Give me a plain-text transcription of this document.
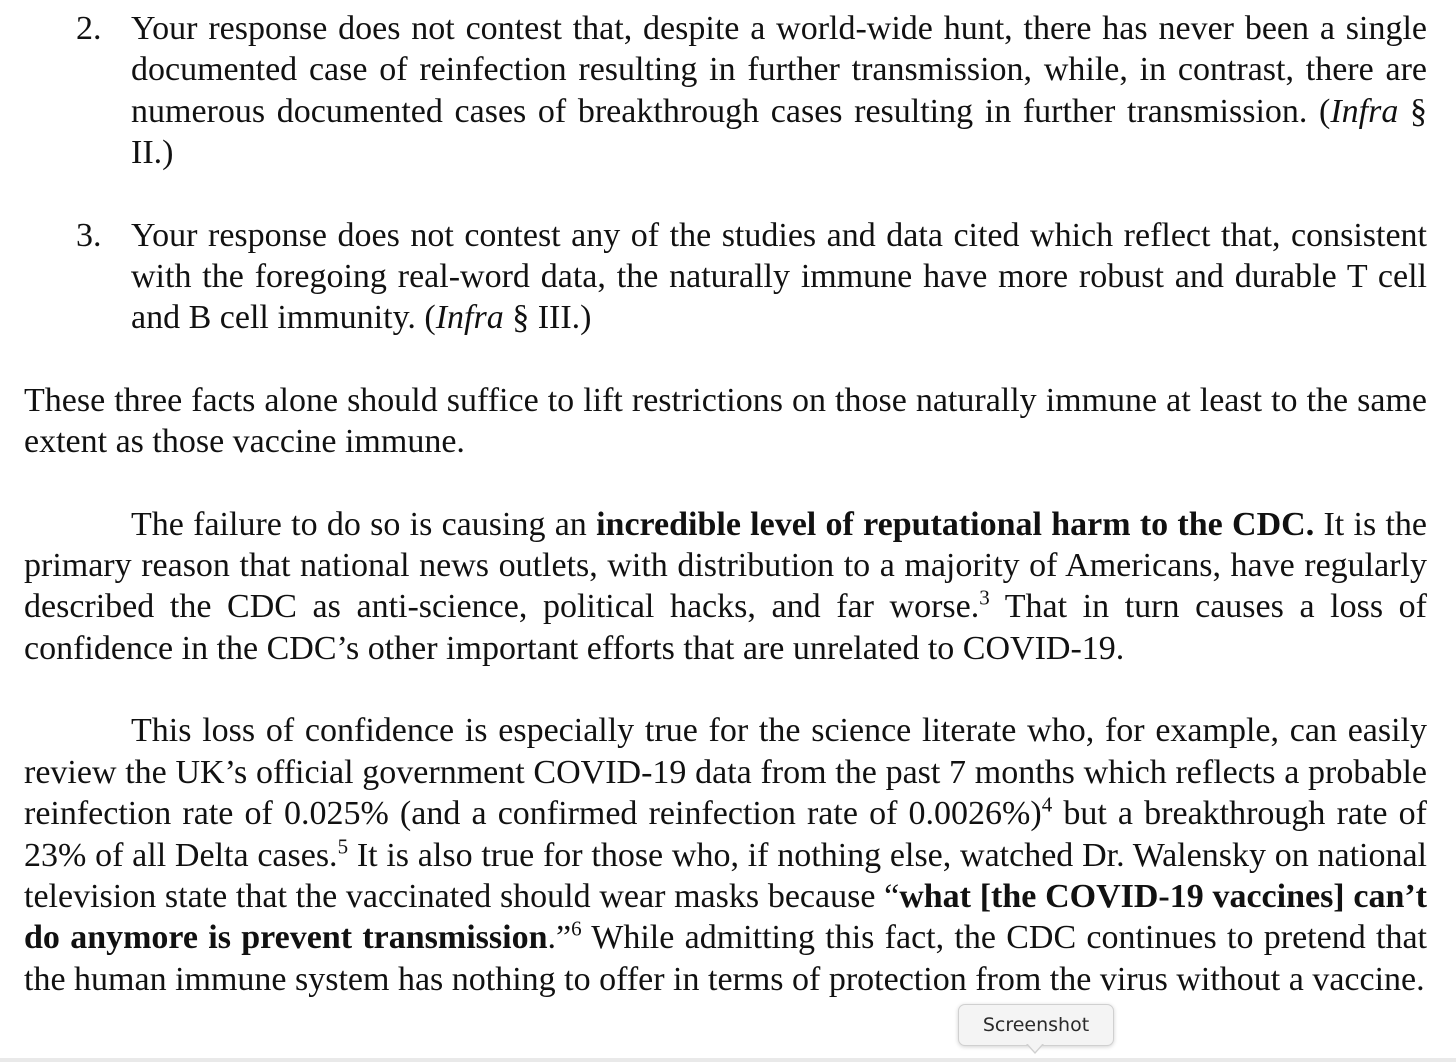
2. Your response does not contest that, despite a world-wide hunt, there has never been a single documented case of reinfection resulting in further transmission, while, in contrast, there are numerous documented cases of breakthrough cases resulting in further transmission. (Infra § II.)
3. Your response does not contest any of the studies and data cited which reflect that, consistent with the foregoing real-word data, the naturally immune have more robust and durable T cell and B cell immunity. (Infra § III.)

These three facts alone should suffice to lift restrictions on those naturally immune at least to the same extent as those vaccine immune.

The failure to do so is causing an incredible level of reputational harm to the CDC. It is the primary reason that national news outlets, with distribution to a majority of Americans, have regularly described the CDC as anti-science, political hacks, and far worse.$^3$ That in turn causes a loss of confidence in the CDC’s other important efforts that are unrelated to COVID-19.

This loss of confidence is especially true for the science literate who, for example, can easily review the UK’s official government COVID-19 data from the past 7 months which reflects a probable reinfection rate of 0.025% (and a confirmed reinfection rate of 0.0026%)$^4$ but a breakthrough rate of 23% of all Delta cases.$^5$ It is also true for those who, if nothing else, watched Dr. Walensky on national television state that the vaccinated should wear masks because “what [the COVID-19 vaccines] can’t do anymore is prevent transmission.”$^6$ While admitting this fact, the CDC continues to pretend that the human immune system has nothing to offer in terms of protection from the virus without a vaccine.

Screenshot
